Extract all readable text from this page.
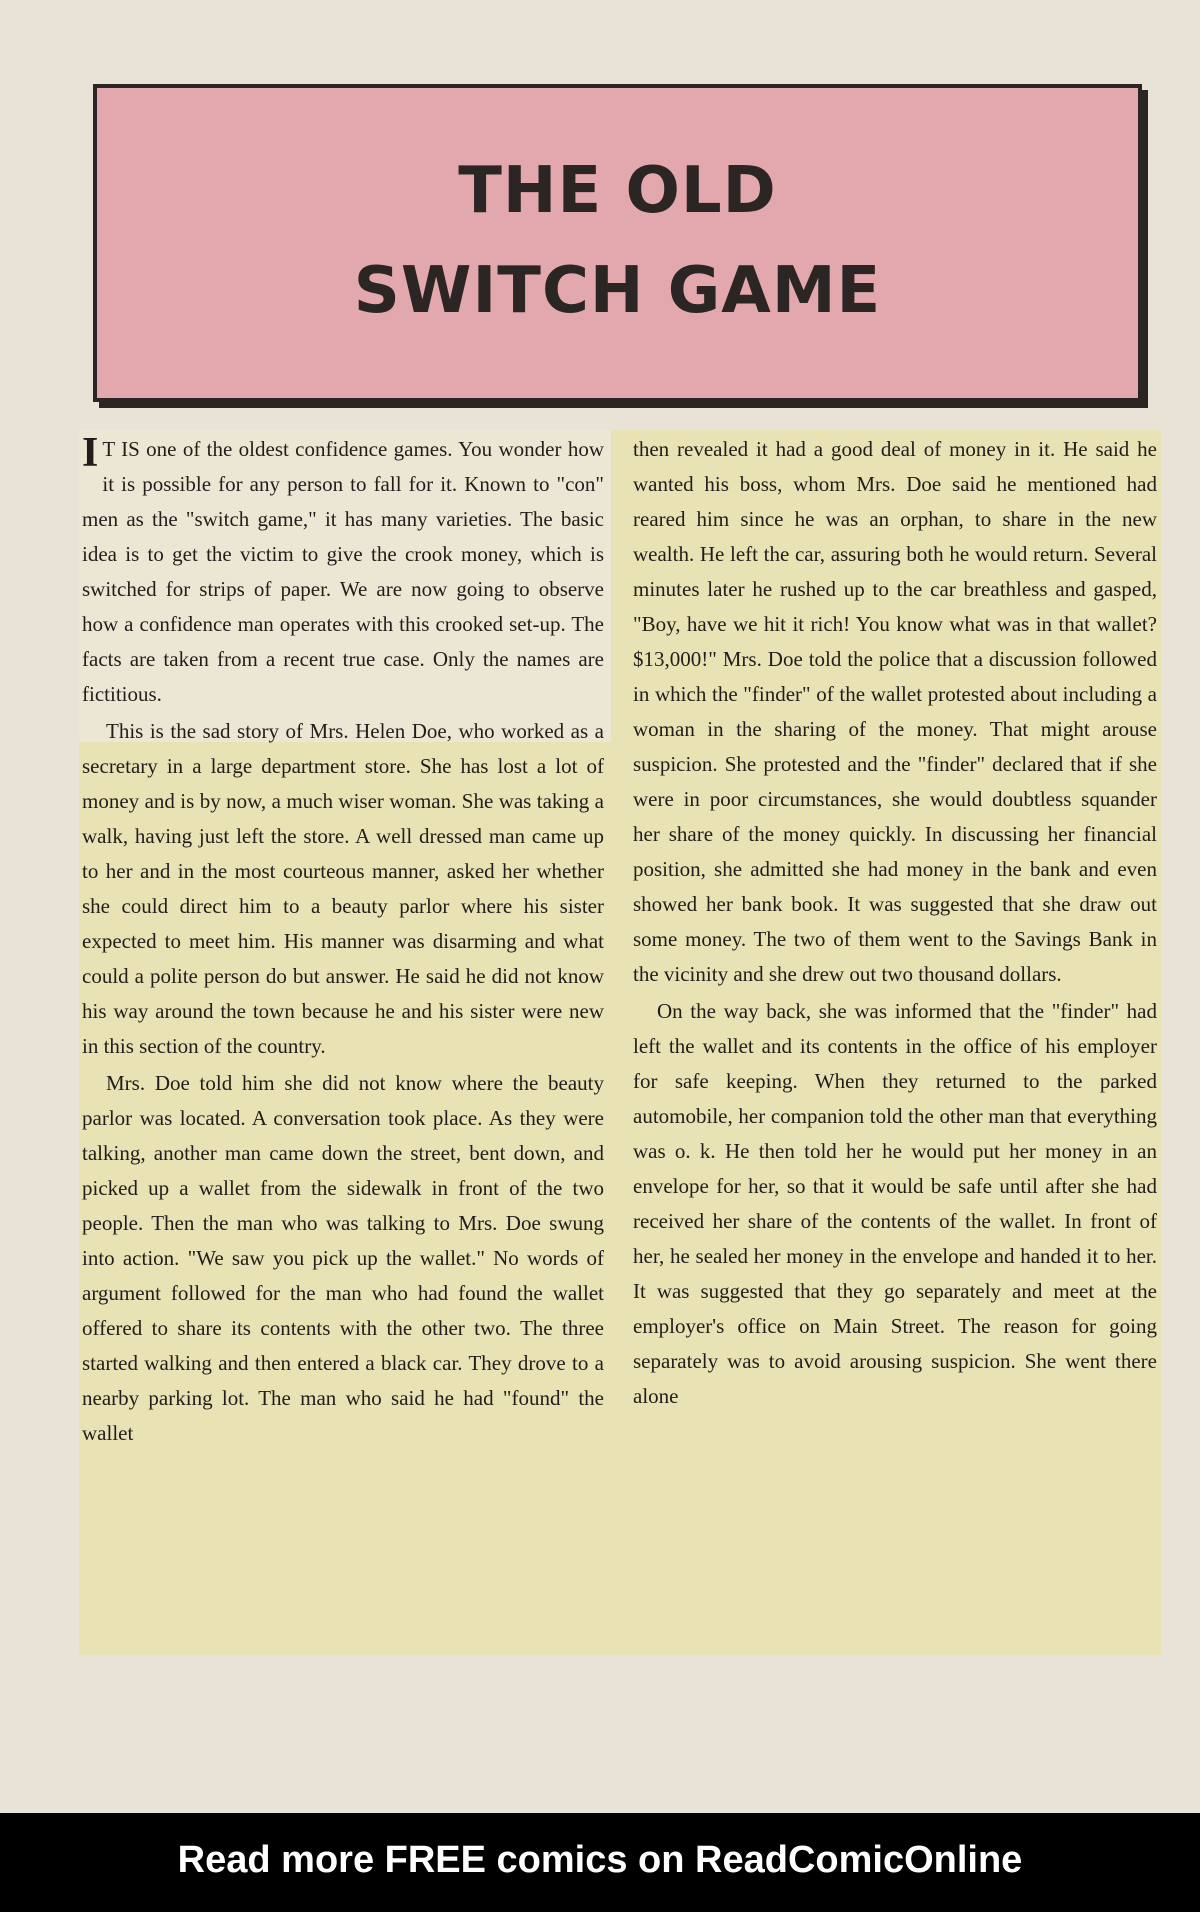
THE OLD
SWITCH GAME

I T IS one of the oldest confidence games. You wonder how it is possible for any person to fall for it. Known to "con" men as the "switch game," it has many varieties. The basic idea is to get the victim to give the crook money, which is switched for strips of paper. We are now going to observe how a confidence man operates with this crooked set-up. The facts are taken from a recent true case. Only the names are fictitious.

This is the sad story of Mrs. Helen Doe, who worked as a secretary in a large department store. She has lost a lot of money and is by now, a much wiser woman. She was taking a walk, having just left the store. A well dressed man came up to her and in the most courteous manner, asked her whether she could direct him to a beauty parlor where his sister expected to meet him. His manner was disarming and what could a polite person do but answer. He said he did not know his way around the town because he and his sister were new in this section of the country.

Mrs. Doe told him she did not know where the beauty parlor was located. A conversation took place. As they were talking, another man came down the street, bent down, and picked up a wallet from the sidewalk in front of the two people. Then the man who was talking to Mrs. Doe swung into action. "We saw you pick up the wallet." No words of argument followed for the man who had found the wallet offered to share its contents with the other two. The three started walking and then entered a black car. They drove to a nearby parking lot. The man who said he had "found" the wallet

then revealed it had a good deal of money in it. He said he wanted his boss, whom Mrs. Doe said he mentioned had reared him since he was an orphan, to share in the new wealth. He left the car, assuring both he would return. Several minutes later he rushed up to the car breathless and gasped, "Boy, have we hit it rich! You know what was in that wallet? $13,000!" Mrs. Doe told the police that a discussion followed in which the "finder" of the wallet protested about including a woman in the sharing of the money. That might arouse suspicion. She protested and the "finder" declared that if she were in poor circumstances, she would doubtless squander her share of the money quickly. In discussing her financial position, she admitted she had money in the bank and even showed her bank book. It was suggested that she draw out some money. The two of them went to the Savings Bank in the vicinity and she drew out two thousand dollars.

On the way back, she was informed that the "finder" had left the wallet and its contents in the office of his employer for safe keeping. When they returned to the parked automobile, her companion told the other man that everything was o. k. He then told her he would put her money in an envelope for her, so that it would be safe until after she had received her share of the contents of the wallet. In front of her, he sealed her money in the envelope and handed it to her. It was suggested that they go separately and meet at the employer's office on Main Street. The reason for going separately was to avoid arousing suspicion. She went there alone

Read more FREE comics on ReadComicOnline
